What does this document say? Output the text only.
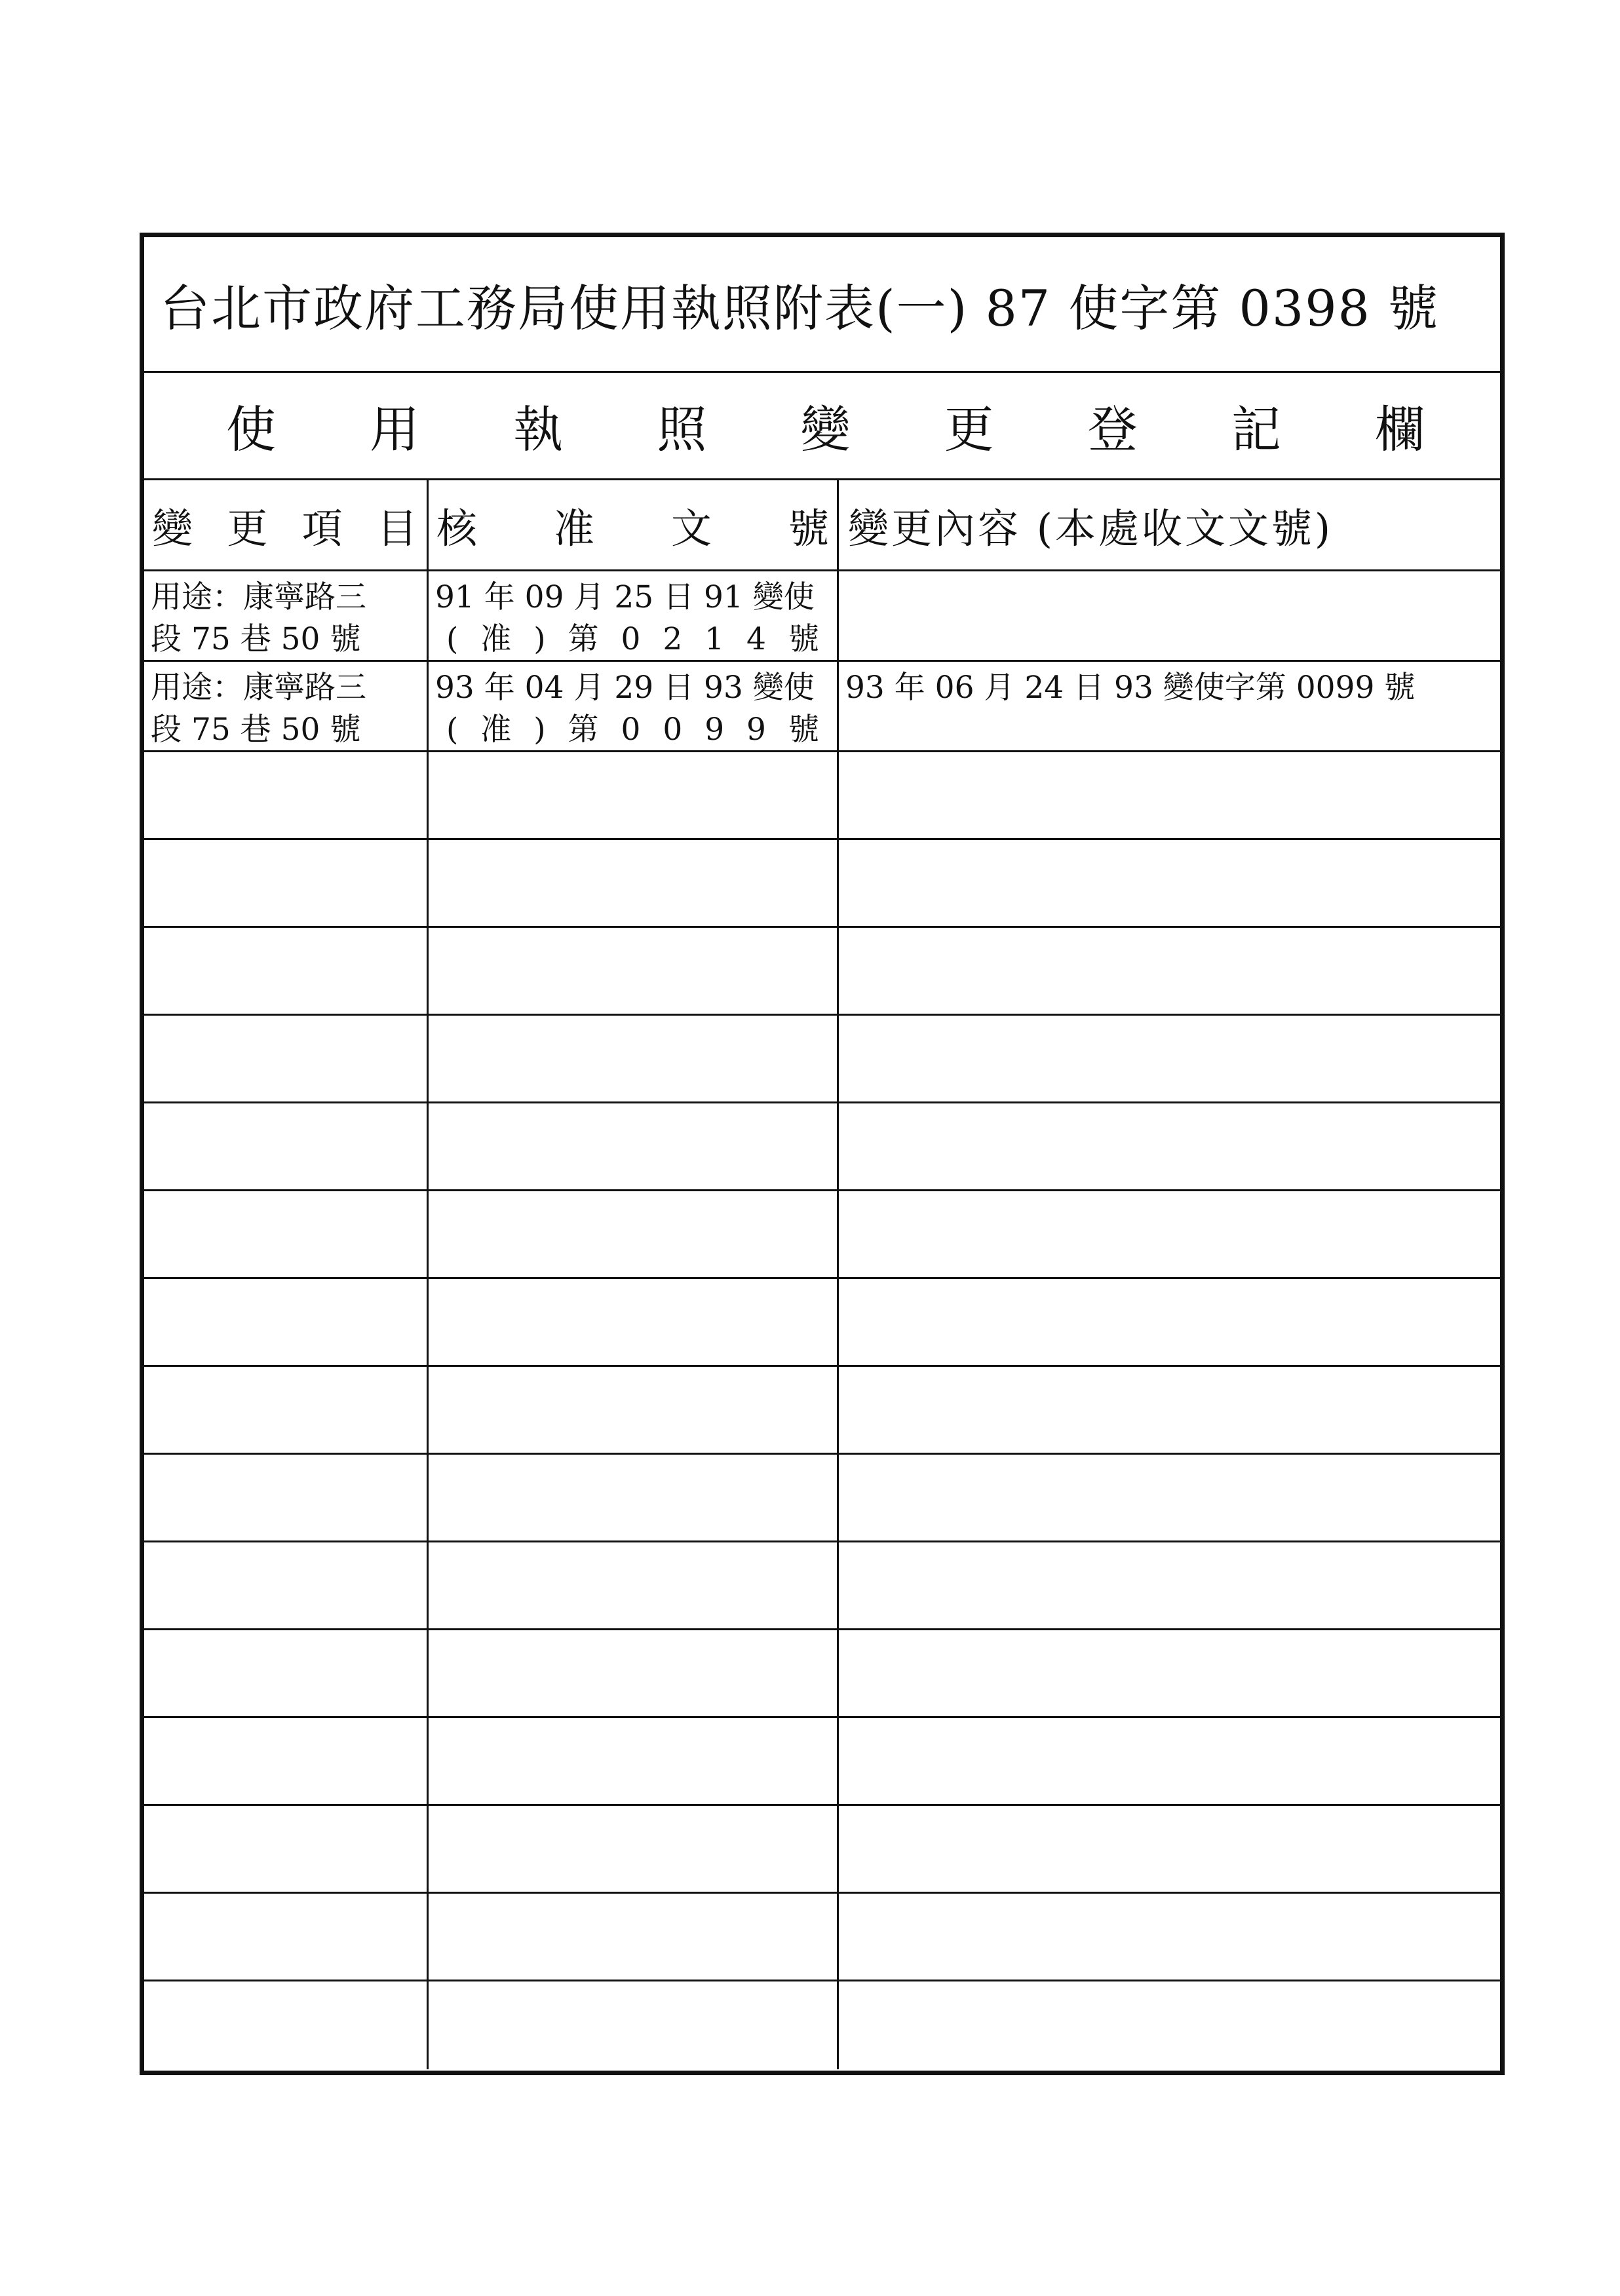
台北市政府工務局使用執照附表(一) 87 使字第 0398 號
使 用 執 照 變 更 登 記 欄
變 更 項 目 核 准 文 號 變更內容 (本處收文文號)
用途：康寧路三
段 75 巷 50 號
91 年 09 月 25 日 91 變使
( 准 ) 第 0 2 1 4 號
用途：康寧路三
段 75 巷 50 號
93 年 04 月 29 日 93 變使
( 准 ) 第 0 0 9 9 號
93 年 06 月 24 日 93 變使字第 0099 號
